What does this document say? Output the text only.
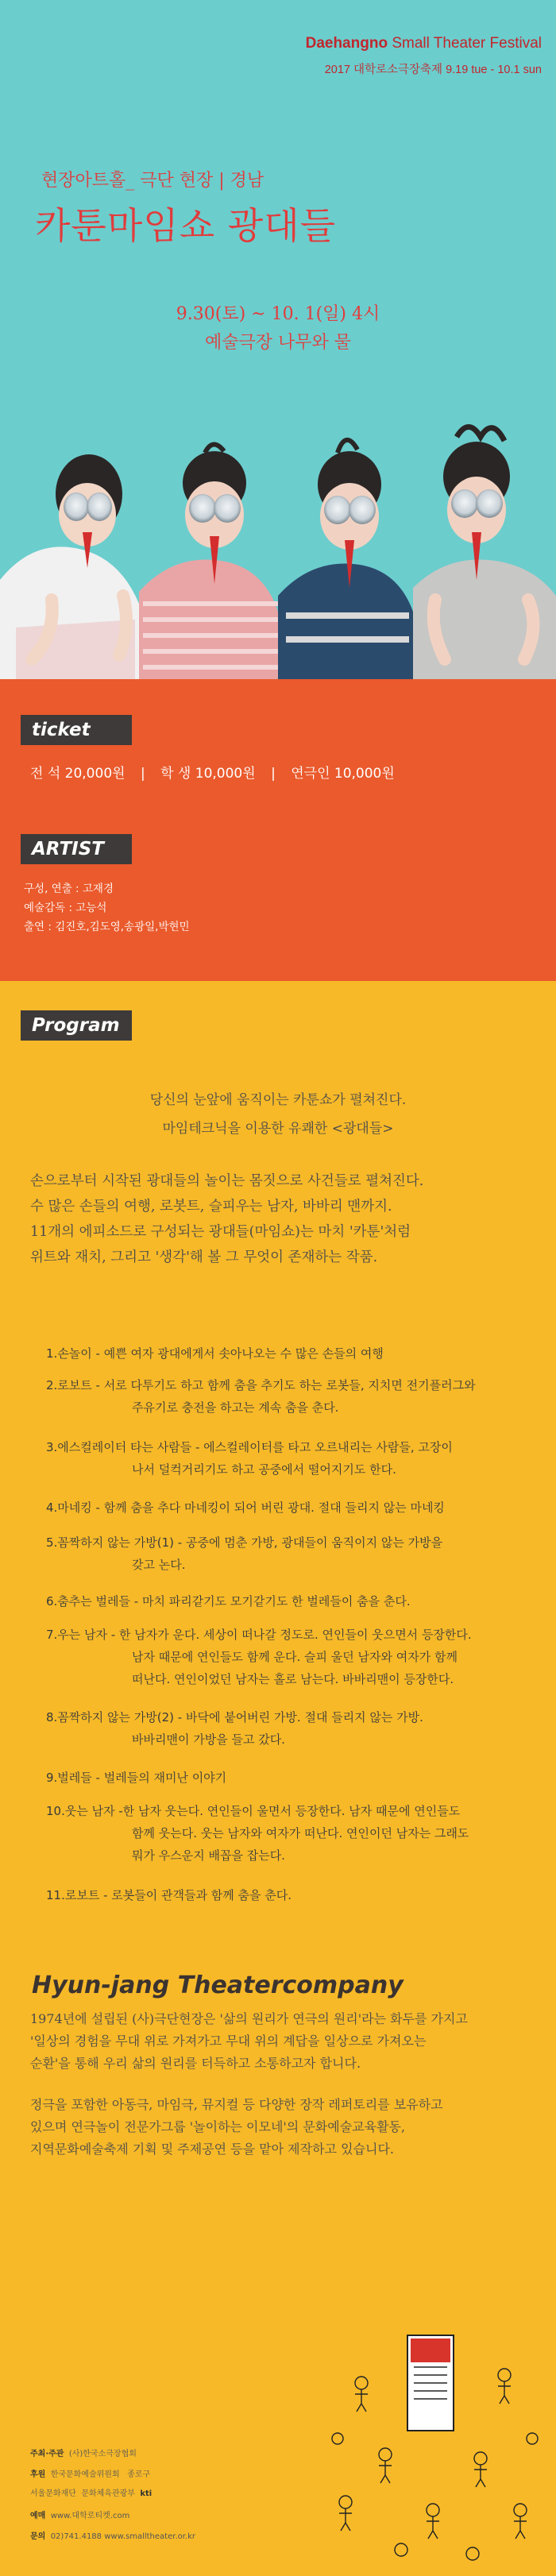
Daehangno Small Theater Festival
2017 대학로소극장축제 9.19 tue - 10.1 sun
현장아트홀_ 극단 현장 | 경남
카툰마임쇼 광대들
9.30(토) ~ 10. 1(일) 4시
예술극장 나무와 물
ticket
전 석 20,000원 | 학 생 10,000원 | 연극인 10,000원
ARTIST
구성, 연출 : 고재경
예술감독 : 고능석
출연 : 김진호,김도영,송광일,박현민
Program
당신의 눈앞에 움직이는 카툰쇼가 펼쳐진다.
마임테크닉을 이용한 유쾌한 <광대들>
손으로부터 시작된 광대들의 놀이는 몸짓으로 사건들로 펼쳐진다.
수 많은 손들의 여행, 로봇트, 슬피우는 남자, 바바리 맨까지.
11개의 에피소드로 구성되는 광대들(마임쇼)는 마치 '카툰'처럼
위트와 재치, 그리고 '생각'해 볼 그 무엇이 존재하는 작품.
1.손놀이 - 예쁜 여자 광대에게서 솟아나오는 수 많은 손들의 여행
2.로보트 - 서로 다투기도 하고 함께 춤을 추기도 하는 로봇들, 지치면 전기플러그와
주유기로 충전을 하고는 계속 춤을 춘다.
3.에스컬레이터 타는 사람들 - 에스컬레이터를 타고 오르내리는 사람들, 고장이
나서 덜컥거리기도 하고 공중에서 떨어지기도 한다.
4.마네킹 - 함께 춤을 추다 마네킹이 되어 버린 광대. 절대 들리지 않는 마네킹
5.꼼짝하지 않는 가방(1) - 공중에 멈춘 가방, 광대들이 움직이지 않는 가방을
갖고 논다.
6.춤추는 벌레들 - 마치 파리같기도 모기같기도 한 벌레들이 춤을 춘다.
7.우는 남자 - 한 남자가 운다. 세상이 떠나갈 정도로. 연인들이 웃으면서 등장한다.
남자 때문에 연인들도 함께 운다. 슬피 울던 남자와 여자가 함께 떠난다. 연인이었던 남자는 홀로 남는다. 바바리맨이 등장한다.
8.꼼짝하지 않는 가방(2) - 바닥에 붙어버린 가방. 절대 들리지 않는 가방.
바바리맨이 가방을 들고 갔다.
9.벌레들 - 벌레들의 재미난 이야기
10.웃는 남자 -한 남자 웃는다. 연인들이 울면서 등장한다. 남자 때문에 연인들도
함께 웃는다. 웃는 남자와 여자가 떠난다. 연인이던 남자는 그래도 뭐가 우스운지 배꼽을 잡는다.
11.로보트 - 로봇들이 관객들과 함께 춤을 춘다.
Hyun-jang Theatercompany
1974년에 설립된 (사)극단현장은 '삶의 원리가 연극의 원리'라는 화두를 가지고
'일상의 경험을 무대 위로 가져가고 무대 위의 계답을 일상으로 가져오는
순환'을 통해 우리 삶의 원리를 터득하고 소통하고자 합니다.
정극을 포함한 아동극, 마임극, 뮤지컬 등 다양한 장작 레퍼토리를 보유하고
있으며 연극놀이 전문가그룹 '놀이하는 이모네'의 문화예술교육활동,
지역문화예술축제 기획 및 주제공연 등을 맡아 제작하고 있습니다.
주최·주관 (사)한국소극장협회
후원 한국문화예술위원회 종로구
서울문화재단 문화체육관광부 kti
예매 www.대학로티켓.com
문의 02)741.4188 www.smalltheater.or.kr
